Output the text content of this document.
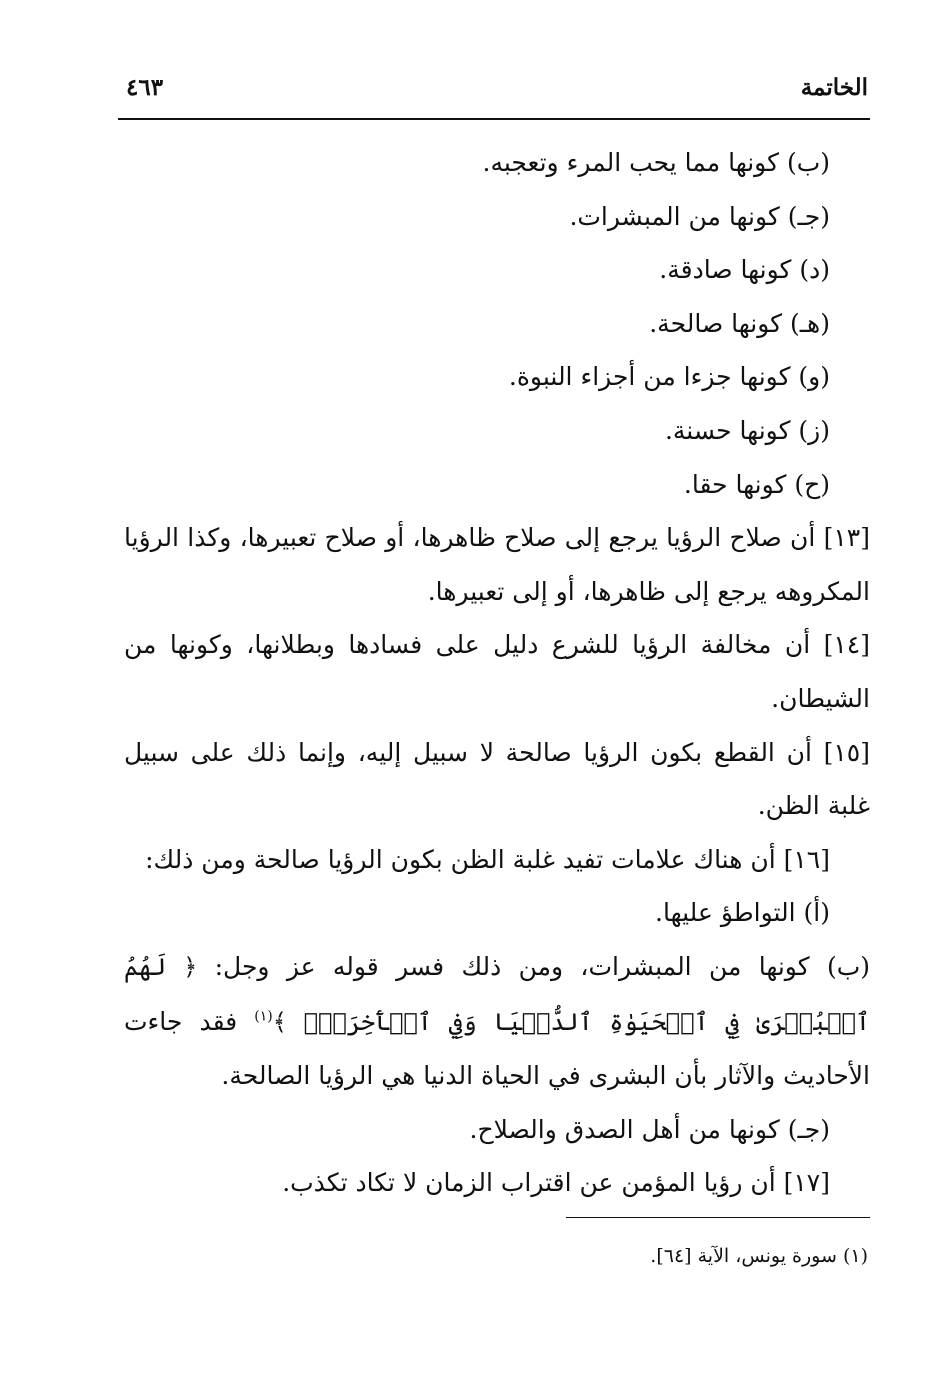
الخاتمة
٤٦٣

(ب) كونها مما يحب المرء وتعجبه.

(جـ) كونها من المبشرات.

(د) كونها صادقة.

(هـ) كونها صالحة.

(و) كونها جزءا من أجزاء النبوة.

(ز) كونها حسنة.

(ح) كونها حقا.

[١٣] أن صلاح الرؤيا يرجع إلى صلاح ظاهرها، أو صلاح تعبيرها، وكذا الرؤيا المكروهه يرجع إلى ظاهرها، أو إلى تعبيرها.

[١٤] أن مخالفة الرؤيا للشرع دليل على فسادها وبطلانها، وكونها من الشيطان.

[١٥] أن القطع بكون الرؤيا صالحة لا سبيل إليه، وإنما ذلك على سبيل غلبة الظن.

[١٦] أن هناك علامات تفيد غلبة الظن بكون الرؤيا صالحة ومن ذلك:

(أ) التواطؤ عليها.

(ب) كونها من المبشرات، ومن ذلك فسر قوله عز وجل: ﴿ لَهُمُ ٱلۡبُشۡرَىٰ فِي ٱلۡحَيَوٰةِ ٱلدُّنۡيَا وَفِي ٱلۡأٓخِرَةِۚ ﴾$^{(١)}$ فقد جاءت الأحاديث والآثار بأن البشرى في الحياة الدنيا هي الرؤيا الصالحة.

(جـ) كونها من أهل الصدق والصلاح.

[١٧] أن رؤيا المؤمن عن اقتراب الزمان لا تكاد تكذب.

(١) سورة يونس، الآية [٦٤].
